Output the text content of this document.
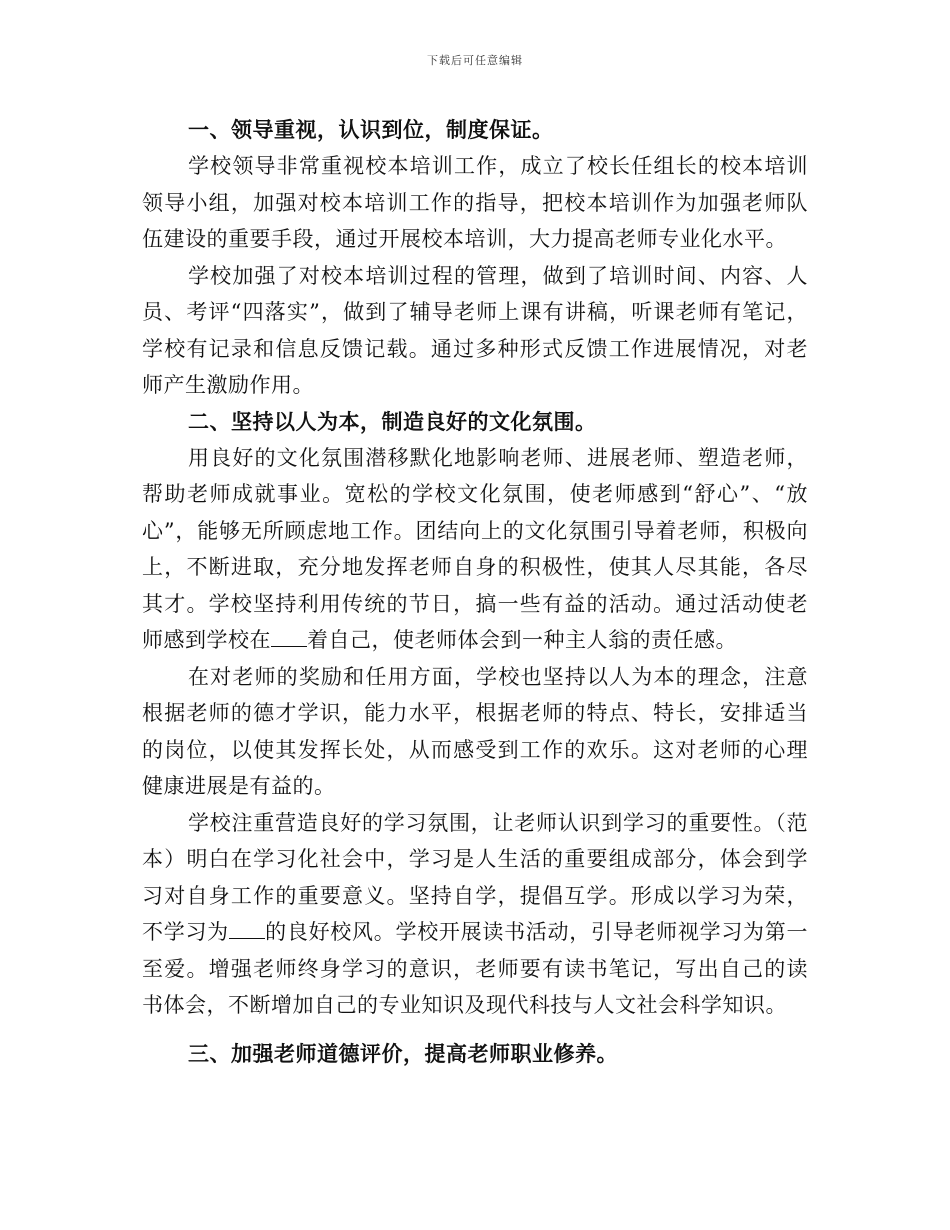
下载后可任意编辑
一、领导重视，认识到位，制度保证。

学校领导非常重视校本培训工作，成立了校长任组长的校本培训领导小组，加强对校本培训工作的指导，把校本培训作为加强老师队伍建设的重要手段，通过开展校本培训，大力提高老师专业化水平。

学校加强了对校本培训过程的管理，做到了培训时间、内容、人员、考评“四落实”，做到了辅导老师上课有讲稿，听课老师有笔记，学校有记录和信息反馈记载。通过多种形式反馈工作进展情况，对老师产生激励作用。

二、坚持以人为本，制造良好的文化氛围。

用良好的文化氛围潜移默化地影响老师、进展老师、塑造老师，帮助老师成就事业。宽松的学校文化氛围，使老师感到“舒心”、“放心”，能够无所顾虑地工作。团结向上的文化氛围引导着老师，积极向上，不断进取，充分地发挥老师自身的积极性，使其人尽其能，各尽其才。学校坚持利用传统的节日，搞一些有益的活动。通过活动使老师感到学校在 着自己，使老师体会到一种主人翁的责任感。

在对老师的奖励和任用方面，学校也坚持以人为本的理念，注意根据老师的德才学识，能力水平，根据老师的特点、特长，安排适当的岗位，以使其发挥长处，从而感受到工作的欢乐。这对老师的心理健康进展是有益的。

学校注重营造良好的学习氛围，让老师认识到学习的重要性。（范本）明白在学习化社会中，学习是人生活的重要组成部分，体会到学习对自身工作的重要意义。坚持自学，提倡互学。形成以学习为荣，不学习为 的良好校风。学校开展读书活动，引导老师视学习为第一至爱。增强老师终身学习的意识，老师要有读书笔记，写出自己的读书体会，不断增加自己的专业知识及现代科技与人文社会科学知识。

三、加强老师道德评价，提高老师职业修养。
